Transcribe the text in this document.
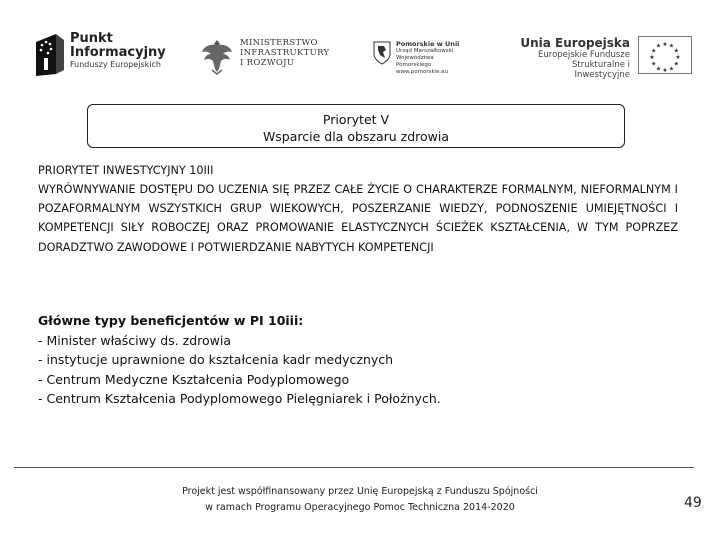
Punkt
Informacyjny
Funduszy Europejskich
MINISTERSTWO
INFRASTRUKTURY
I ROZWOJU
Pomorskie w Unii
Urząd Marszałkowski
Województwa Pomorskiego
www.pomorskie.eu
Unia Europejska
Europejskie Fundusze
Strukturalne i Inwestycyjne
★ ★
★
★
★
★
★
★
★
★
★
★
Priorytet V
Wsparcie dla obszaru zdrowia
PRIORYTET INWESTYCYJNY 10III

WYRÓWNYWANIE DOSTĘPU DO UCZENIA SIĘ PRZEZ CAŁE ŻYCIE O CHARAKTERZE FORMALNYM, NIEFORMALNYM I POZAFORMALNYM WSZYSTKICH GRUP WIEKOWYCH, POSZERZANIE WIEDZY, PODNOSZENIE UMIEJĘTNOŚCI I KOMPETENCJI SIŁY ROBOCZEJ ORAZ PROMOWANIE ELASTYCZNYCH ŚCIEŻEK KSZTAŁCENIA, W TYM POPRZEZ DORADZTWO ZAWODOWE I POTWIERDZANIE NABYTYCH KOMPETENCJI

Główne typy beneficjentów w PI 10iii:
- Minister właściwy ds. zdrowia
- instytucje uprawnione do kształcenia kadr medycznych
- Centrum Medyczne Kształcenia Podyplomowego
- Centrum Kształcenia Podyplomowego Pielęgniarek i Położnych.
Projekt jest współfinansowany przez Unię Europejską z Funduszu Spójności
w ramach Programu Operacyjnego Pomoc Techniczna 2014-2020	49
